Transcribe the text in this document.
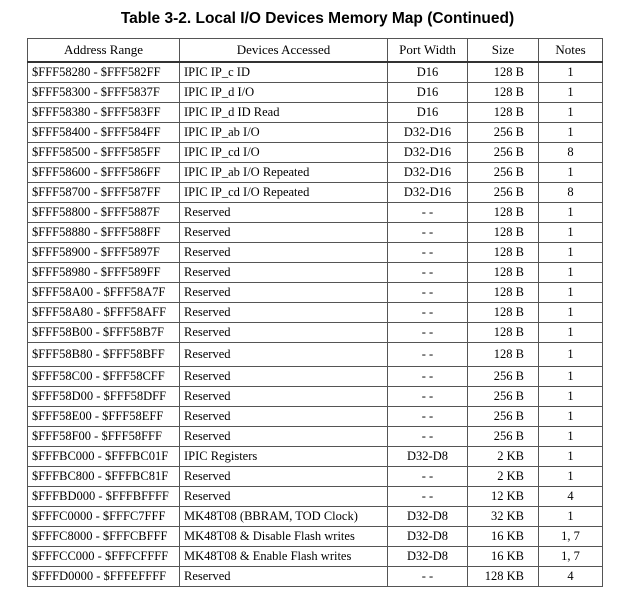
Table 3-2. Local I/O Devices Memory Map (Continued)
Address Range	Devices Accessed	Port Width	Size	Notes
$FFF58280 - $FFF582FF	IPIC IP_c ID	D16	128 B	1
$FFF58300 - $FFF5837F	IPIC IP_d I/O	D16	128 B	1
$FFF58380 - $FFF583FF	IPIC IP_d ID Read	D16	128 B	1
$FFF58400 - $FFF584FF	IPIC IP_ab I/O	D32-D16	256 B	1
$FFF58500 - $FFF585FF	IPIC IP_cd I/O	D32-D16	256 B	8
$FFF58600 - $FFF586FF	IPIC IP_ab I/O Repeated	D32-D16	256 B	1
$FFF58700 - $FFF587FF	IPIC IP_cd I/O Repeated	D32-D16	256 B	8
$FFF58800 - $FFF5887F	Reserved	- -	128 B	1
$FFF58880 - $FFF588FF	Reserved	- -	128 B	1
$FFF58900 - $FFF5897F	Reserved	- -	128 B	1
$FFF58980 - $FFF589FF	Reserved	- -	128 B	1
$FFF58A00 - $FFF58A7F	Reserved	- -	128 B	1
$FFF58A80 - $FFF58AFF	Reserved	- -	128 B	1
$FFF58B00 - $FFF58B7F	Reserved	- -	128 B	1
$FFF58B80 - $FFF58BFF	Reserved	- -	128 B	1
$FFF58C00 - $FFF58CFF	Reserved	- -	256 B	1
$FFF58D00 - $FFF58DFF	Reserved	- -	256 B	1
$FFF58E00 - $FFF58EFF	Reserved	- -	256 B	1
$FFF58F00 - $FFF58FFF	Reserved	- -	256 B	1
$FFFBC000 - $FFFBC01F	IPIC Registers	D32-D8	2 KB	1
$FFFBC800 - $FFFBC81F	Reserved	- -	2 KB	1
$FFFBD000 - $FFFBFFFF	Reserved	- -	12 KB	4
$FFFC0000 - $FFFC7FFF	MK48T08 (BBRAM, TOD Clock)	D32-D8	32 KB	1
$FFFC8000 - $FFFCBFFF	MK48T08 & Disable Flash writes	D32-D8	16 KB	1, 7
$FFFCC000 - $FFFCFFFF	MK48T08 & Enable Flash writes	D32-D8	16 KB	1, 7
$FFFD0000 - $FFFEFFFF	Reserved	- -	128 KB	4
